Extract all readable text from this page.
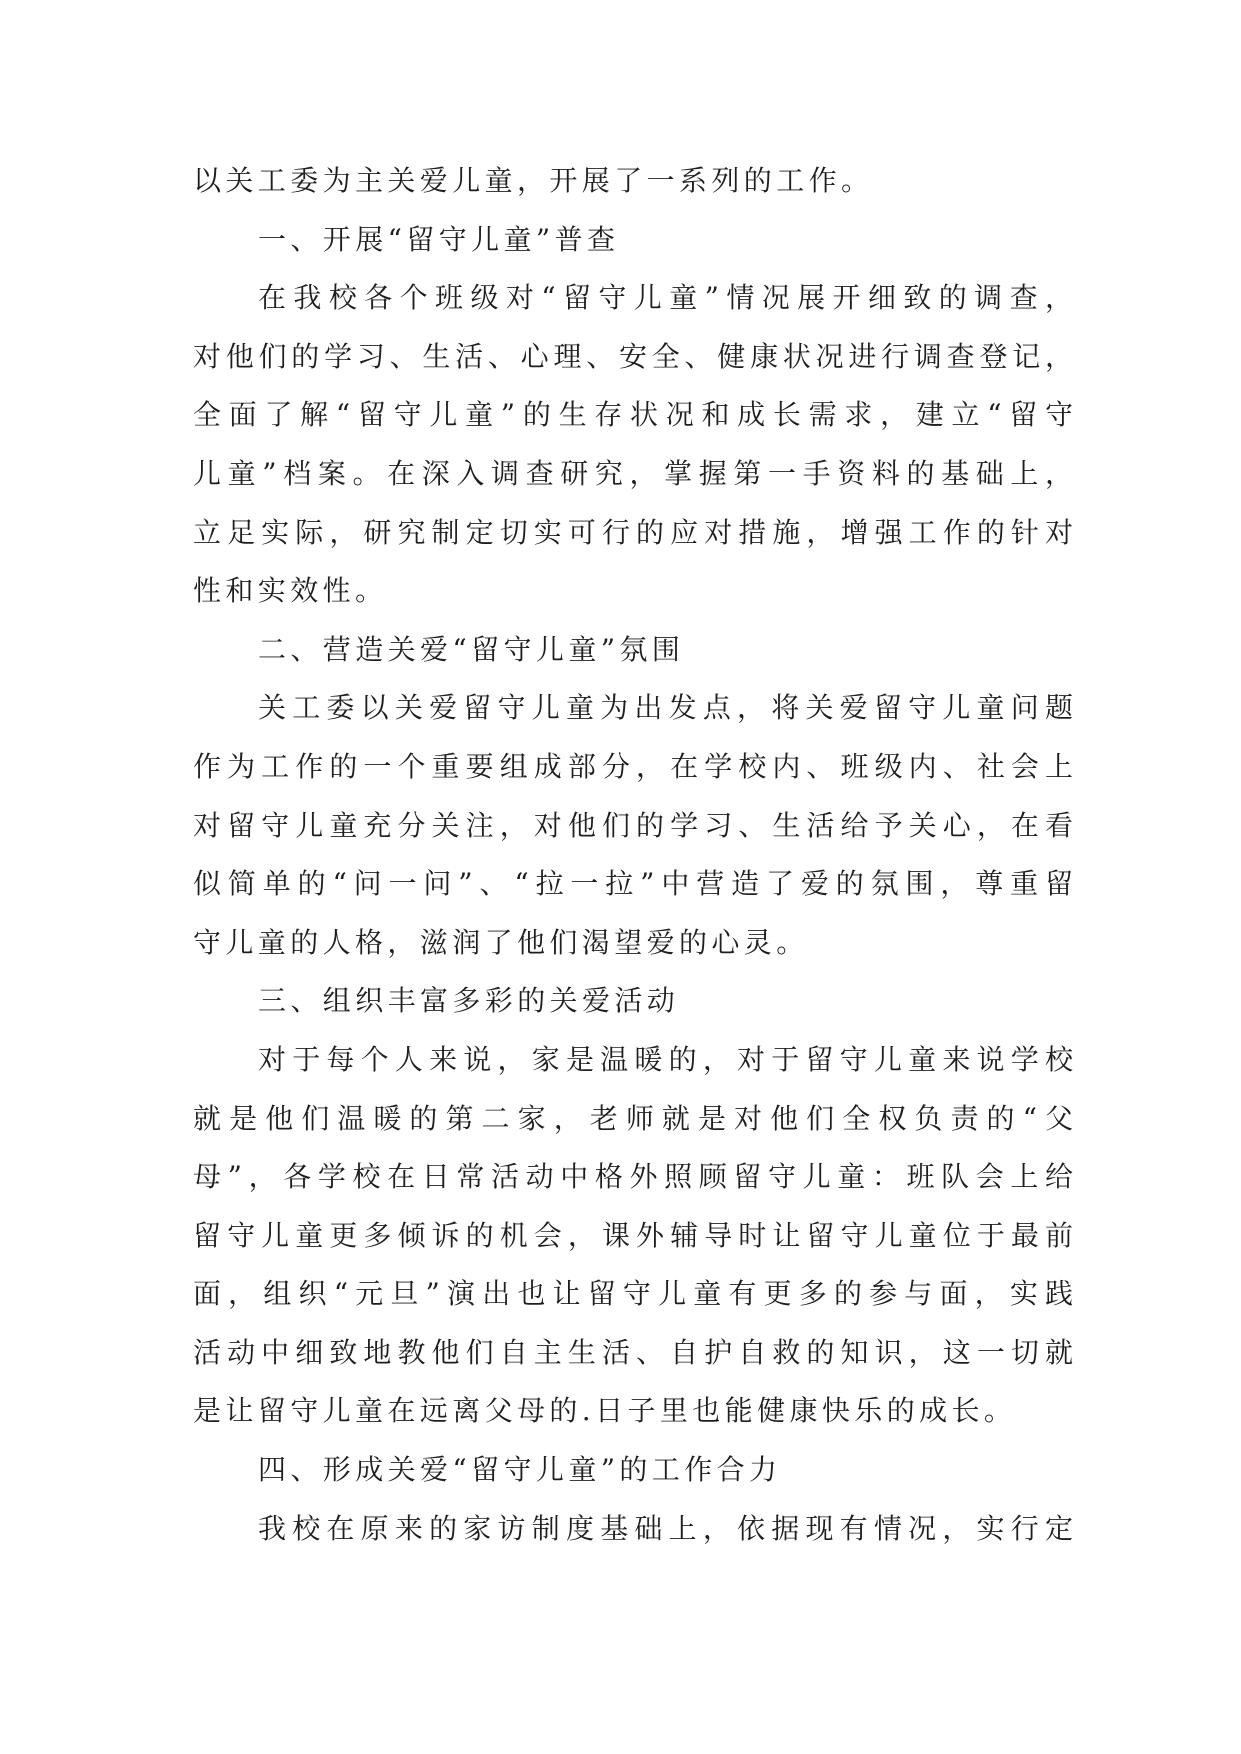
以关工委为主关爱儿童，开展了一系列的工作。
一、开展“留守儿童”普查
在我校各个班级对“留守儿童”情况展开细致的调查，
对他们的学习、生活、心理、安全、健康状况进行调查登记，
全面了解“留守儿童”的生存状况和成长需求，建立“留守
儿童”档案。在深入调查研究，掌握第一手资料的基础上，
立足实际，研究制定切实可行的应对措施，增强工作的针对
性和实效性。
二、营造关爱“留守儿童”氛围
关工委以关爱留守儿童为出发点，将关爱留守儿童问题
作为工作的一个重要组成部分，在学校内、班级内、社会上
对留守儿童充分关注，对他们的学习、生活给予关心，在看
似简单的“问一问”、“拉一拉”中营造了爱的氛围，尊重留
守儿童的人格，滋润了他们渴望爱的心灵。
三、组织丰富多彩的关爱活动
对于每个人来说，家是温暖的，对于留守儿童来说学校
就是他们温暖的第二家，老师就是对他们全权负责的“父
母”，各学校在日常活动中格外照顾留守儿童：班队会上给
留守儿童更多倾诉的机会，课外辅导时让留守儿童位于最前
面，组织“元旦”演出也让留守儿童有更多的参与面，实践
活动中细致地教他们自主生活、自护自救的知识，这一切就
是让留守儿童在远离父母的.日子里也能健康快乐的成长。
四、形成关爱“留守儿童”的工作合力
我校在原来的家访制度基础上，依据现有情况，实行定
